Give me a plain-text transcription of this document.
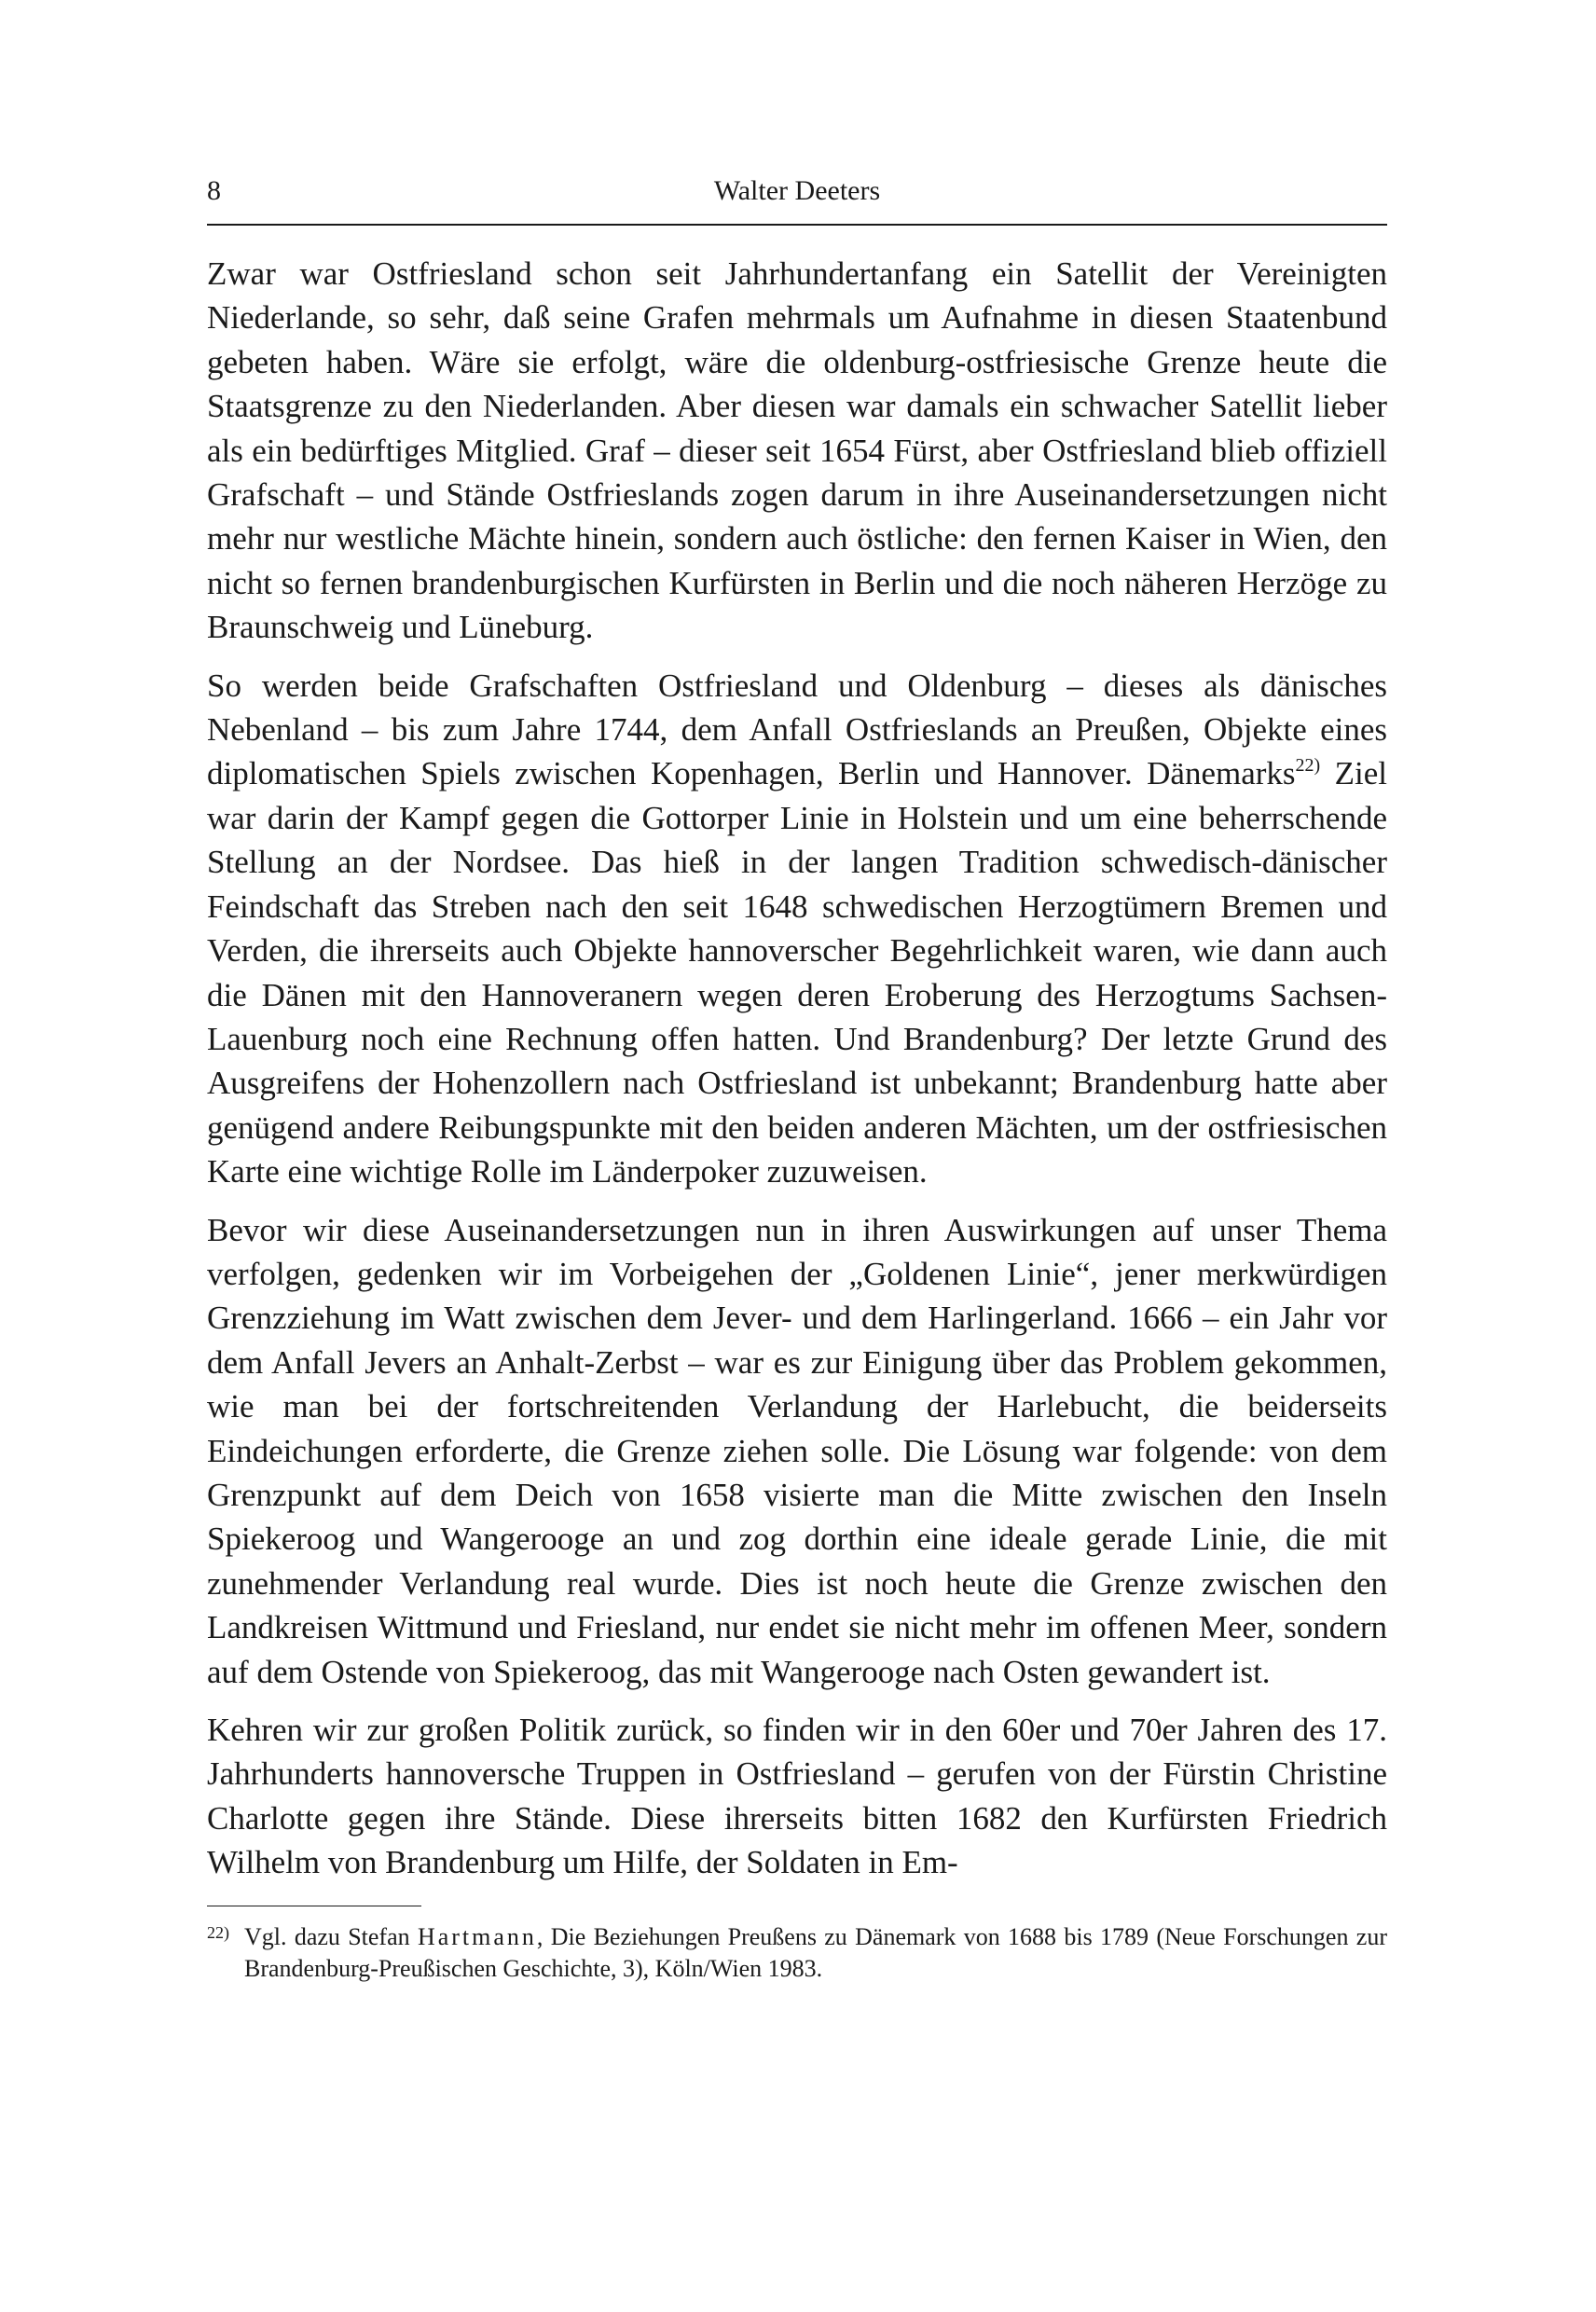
8	Walter Deeters

Zwar war Ostfriesland schon seit Jahrhundertanfang ein Satellit der Vereinigten Niederlande, so sehr, daß seine Grafen mehrmals um Aufnahme in diesen Staatenbund gebeten haben. Wäre sie erfolgt, wäre die oldenburg-ostfriesische Grenze heute die Staatsgrenze zu den Niederlanden. Aber diesen war damals ein schwacher Satellit lieber als ein bedürftiges Mitglied. Graf – dieser seit 1654 Fürst, aber Ostfriesland blieb offiziell Grafschaft – und Stände Ostfrieslands zogen darum in ihre Auseinandersetzungen nicht mehr nur westliche Mächte hinein, sondern auch östliche: den fernen Kaiser in Wien, den nicht so fernen brandenburgischen Kurfürsten in Berlin und die noch näheren Herzöge zu Braunschweig und Lüneburg.

So werden beide Grafschaften Ostfriesland und Oldenburg – dieses als dänisches Nebenland – bis zum Jahre 1744, dem Anfall Ostfrieslands an Preußen, Objekte eines diplomatischen Spiels zwischen Kopenhagen, Berlin und Hannover. Dänemarks$^{22)}$ Ziel war darin der Kampf gegen die Gottorper Linie in Holstein und um eine beherrschende Stellung an der Nordsee. Das hieß in der langen Tradition schwedisch-dänischer Feindschaft das Streben nach den seit 1648 schwedischen Herzogtümern Bremen und Verden, die ihrerseits auch Objekte hannoverscher Begehrlichkeit waren, wie dann auch die Dänen mit den Hannoveranern wegen deren Eroberung des Herzogtums Sachsen-Lauenburg noch eine Rechnung offen hatten. Und Brandenburg? Der letzte Grund des Ausgreifens der Hohenzollern nach Ostfriesland ist unbekannt; Brandenburg hatte aber genügend andere Reibungspunkte mit den beiden anderen Mächten, um der ostfriesischen Karte eine wichtige Rolle im Länderpoker zuzuweisen.

Bevor wir diese Auseinandersetzungen nun in ihren Auswirkungen auf unser Thema verfolgen, gedenken wir im Vorbeigehen der „Goldenen Linie“, jener merkwürdigen Grenzziehung im Watt zwischen dem Jever- und dem Harlingerland. 1666 – ein Jahr vor dem Anfall Jevers an Anhalt-Zerbst – war es zur Einigung über das Problem gekommen, wie man bei der fortschreitenden Verlandung der Harlebucht, die beiderseits Eindeichungen erforderte, die Grenze ziehen solle. Die Lösung war folgende: von dem Grenzpunkt auf dem Deich von 1658 visierte man die Mitte zwischen den Inseln Spiekeroog und Wangerooge an und zog dorthin eine ideale gerade Linie, die mit zunehmender Verlandung real wurde. Dies ist noch heute die Grenze zwischen den Landkreisen Wittmund und Friesland, nur endet sie nicht mehr im offenen Meer, sondern auf dem Ostende von Spiekeroog, das mit Wangerooge nach Osten gewandert ist.

Kehren wir zur großen Politik zurück, so finden wir in den 60er und 70er Jahren des 17. Jahrhunderts hannoversche Truppen in Ostfriesland – gerufen von der Fürstin Christine Charlotte gegen ihre Stände. Diese ihrerseits bitten 1682 den Kurfürsten Friedrich Wilhelm von Brandenburg um Hilfe, der Soldaten in Em-

22) Vgl. dazu Stefan Hartmann, Die Beziehungen Preußens zu Dänemark von 1688 bis 1789 (Neue Forschungen zur Brandenburg-Preußischen Geschichte, 3), Köln/Wien 1983.
